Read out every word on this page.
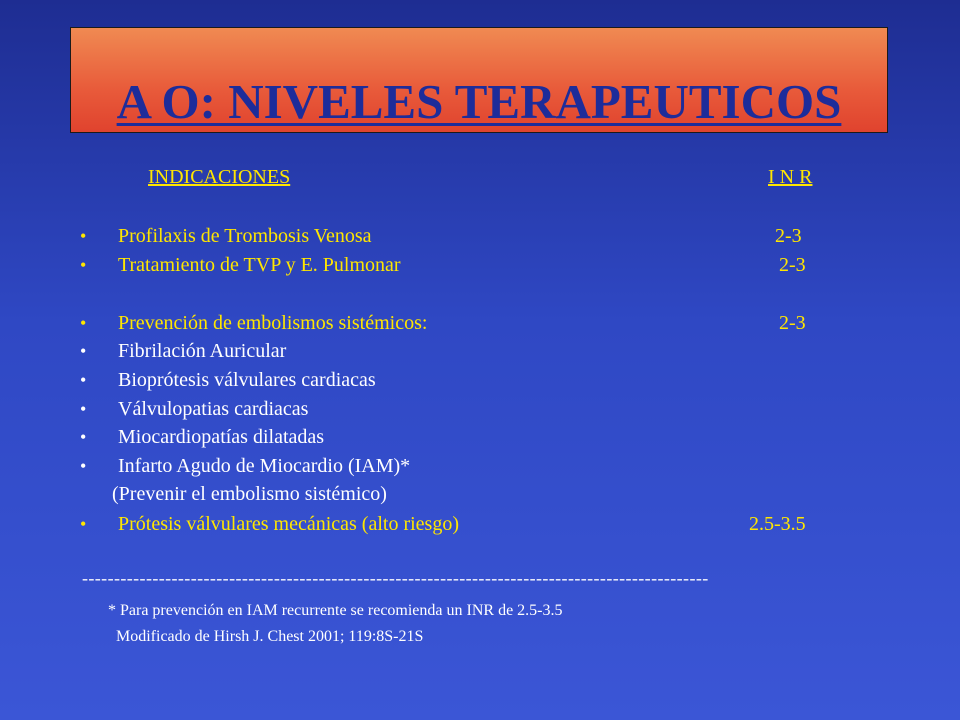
A O: NIVELES TERAPEUTICOS
INDICACIONES	I N R
• Profilaxis de Trombosis Venosa	2-3
• Tratamiento de TVP y E. Pulmonar	2-3
• Prevención de embolismos sistémicos:	2-3
• Fibrilación Auricular
• Bioprótesis válvulares cardiacas
• Válvulopatias cardiacas
• Miocardiopatías dilatadas
• Infarto Agudo de Miocardio (IAM)*
(Prevenir el embolismo sistémico)
• Prótesis válvulares mecánicas (alto riesgo)	2.5-3.5
--------------------------------------------------------------------------------------------------
* Para prevención en IAM recurrente se recomienda un INR de 2.5-3.5
Modificado de Hirsh J. Chest 2001; 119:8S-21S
